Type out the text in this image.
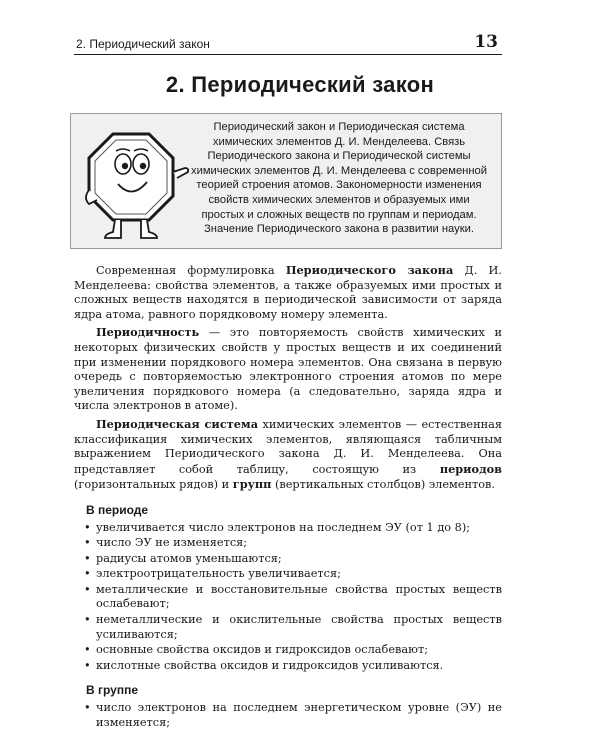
2. Периодический закон	13
2. Периодический закон
Периодический закон и Периодическая система химических элементов Д. И. Менделеева. Связь Периодического закона и Периодической системы химических элементов Д. И. Менделеева с современной теорией строения атомов. Закономерности изменения свойств химических элементов и образуемых ими простых и сложных веществ по группам и периодам. Значение Периодического закона в развитии науки.

Современная формулировка Периодического закона Д. И. Менделеева: свойства элементов, а также образуемых ими простых и сложных веществ находятся в периодической зависимости от заряда ядра атома, равного порядковому номеру элемента.

Периодичность — это повторяемость свойств химических и некоторых физических свойств у простых веществ и их соединений при изменении порядкового номера элементов. Она связана в первую очередь с повторяемостью электронного строения атомов по мере увеличения порядкового номера (а следовательно, заряда ядра и числа электронов в атоме).

Периодическая система химических элементов — естественная классификация химических элементов, являющаяся табличным выражением Периодического закона Д. И. Менделеева. Она представляет собой таблицу, состоящую из периодов (горизонтальных рядов) и групп (вертикальных столбцов) элементов.

В периоде
• увеличивается число электронов на последнем ЭУ (от 1 до 8);
• число ЭУ не изменяется;
• радиусы атомов уменьшаются;
• электроотрицательность увеличивается;
• металлические и восстановительные свойства простых веществ ослабевают;
• неметаллические и окислительные свойства простых веществ усиливаются;
• основные свойства оксидов и гидроксидов ослабевают;
• кислотные свойства оксидов и гидроксидов усиливаются.
В группе
• число электронов на последнем энергетическом уровне (ЭУ) не изменяется;
